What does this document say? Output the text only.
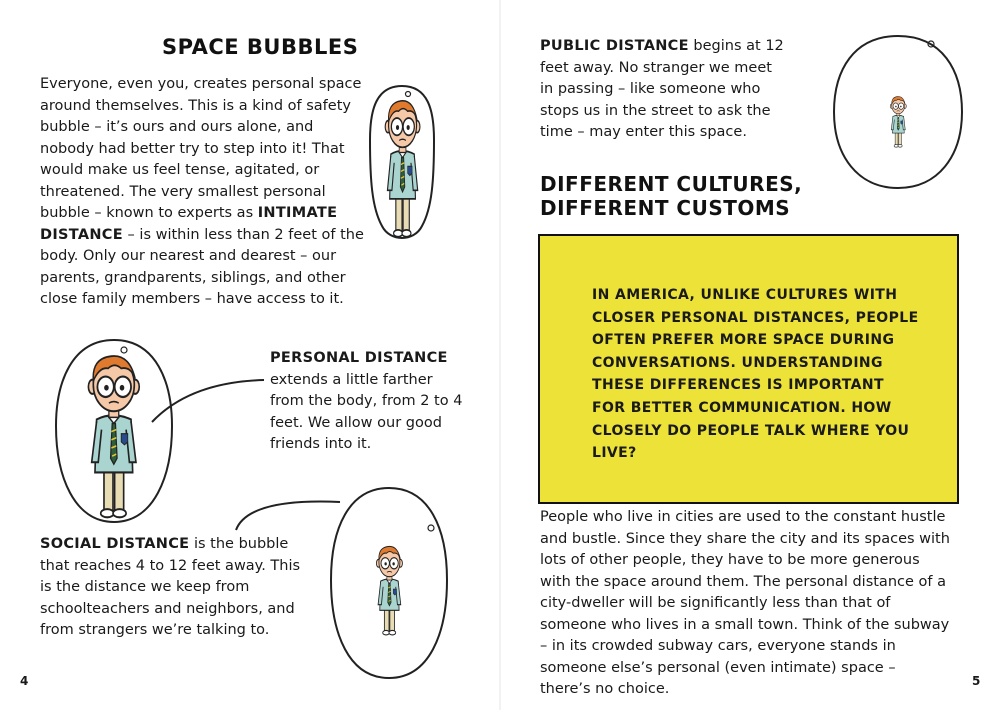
SPACE BUBBLES
Everyone, even you, creates personal space around themselves. This is a kind of safety bubble – it’s ours and ours alone, and nobody had better try to step into it! That would make us feel tense, agitated, or threatened. The very smallest personal bubble – known to experts as INTIMATE DISTANCE – is within less than 2 feet of the body. Only our nearest and dearest – our parents, grandparents, siblings, and other close family members – have access to it.
PERSONAL DISTANCE
extends a little farther from the body, from 2 to 4 feet. We allow our good friends into it.
SOCIAL DISTANCE is the bubble that reaches 4 to 12 feet away. This is the distance we keep from schoolteachers and neighbors, and from strangers we’re talking to.
4
PUBLIC DISTANCE begins at 12 feet away. No stranger we meet in passing – like someone who stops us in the street to ask the time – may enter this space.
DIFFERENT CULTURES,
DIFFERENT CUSTOMS
IN AMERICA, UNLIKE CULTURES WITH CLOSER PERSONAL DISTANCES, PEOPLE OFTEN PREFER MORE SPACE DURING CONVERSATIONS. UNDERSTANDING THESE DIFFERENCES IS IMPORTANT FOR BETTER COMMUNICATION. HOW CLOSELY DO PEOPLE TALK WHERE YOU LIVE?
People who live in cities are used to the constant hustle and bustle. Since they share the city and its spaces with lots of other people, they have to be more generous with the space around them. The personal distance of a city-dweller will be significantly less than that of someone who lives in a small town. Think of the subway – in its crowded subway cars, everyone stands in someone else’s personal (even intimate) space – there’s no choice.	5
